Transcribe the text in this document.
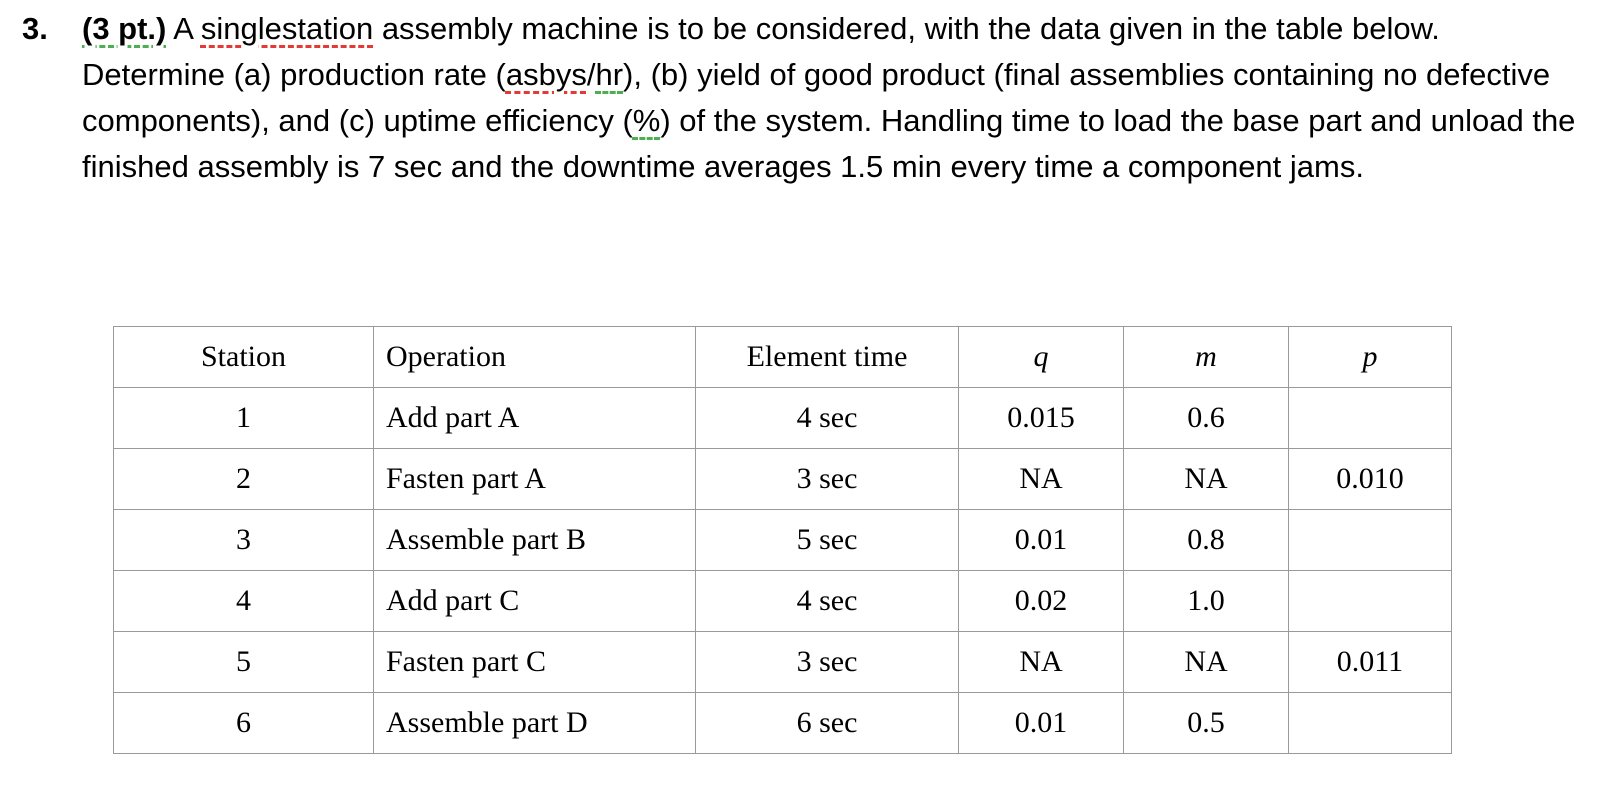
3. (3 pt.) A singlestation assembly machine is to be considered, with the data given in the table below. Determine (a) production rate (asbys/hr), (b) yield of good product (final assemblies containing no defective components), and (c) uptime efficiency (%) of the system. Handling time to load the base part and unload the finished assembly is 7 sec and the downtime averages 1.5 min every time a component jams.
Station	Operation	Element time	q	m	p
1	Add part A	4 sec	0.015	0.6	
2	Fasten part A	3 sec	NA	NA	0.010
3	Assemble part B	5 sec	0.01	0.8	
4	Add part C	4 sec	0.02	1.0	
5	Fasten part C	3 sec	NA	NA	0.011
6	Assemble part D	6 sec	0.01	0.5	
